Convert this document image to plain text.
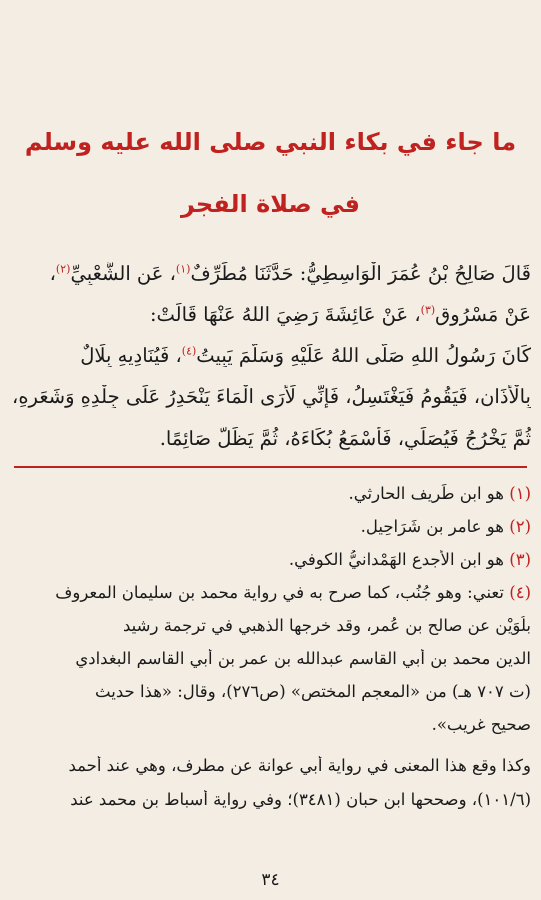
ما جاء في بكاء النبي صلى الله عليه وسلم
في صلاة الفجر
قَالَ صَالِحُ بْنُ عُمَرَ الْوَاسِطِيُّ: حَدَّثَنَا مُطَرِّفٌ$^{(١)}$، عَنِ الشَّعْبِيِّ$^{(٢)}$،
عَنْ مَسْرُوقٍ$^{(٣)}$، عَنْ عَائِشَةَ رَضِيَ اللهُ عَنْهَا قَالَتْ:
كَانَ رَسُولُ اللهِ صَلَّى اللهُ عَلَيْهِ وَسَلَّمَ يَبِيتُ$^{(٤)}$، فَيُنَادِيهِ بِلَالٌ
بِالْأَذَانِ، فَيَقُومُ فَيَغْتَسِلُ، فَإِنِّي لَأَرَى الْمَاءَ يَنْحَدِرُ عَلَى جِلْدِهِ وَشَعَرِهِ،
ثُمَّ يَخْرُجُ فَيُصَلِّي، فَأَسْمَعُ بُكَاءَهُ، ثُمَّ يَظَلُّ صَائِمًا.
(١) هو ابن طَرِيف الحارثي.
(٢) هو عامر بن شَرَاحِيل.
(٣) هو ابن الأجدع الهَمْدانيُّ الكوفي.
(٤) تعني: وهو جُنُب، كما صرح به في رواية محمد بن سليمان المعروف
بلُوَيْن عن صالح بن عُمر، وقد خرجها الذهبي في ترجمة رشيد
الدين محمد بن أبي القاسم عبدالله بن عمر بن أبي القاسم البغدادي
(ت ٧٠٧ هـ) من «المعجم المختص» (ص٢٧٦)، وقال: «هذا حديث
صحيح غريب».
وكذا وقع هذا المعنى في رواية أبي عوانة عن مطرف، وهي عند أحمد
(١٠١/٦)، وصححها ابن حبان (٣٤٨١)؛ وفي رواية أسباط بن محمد عند
٣٤
